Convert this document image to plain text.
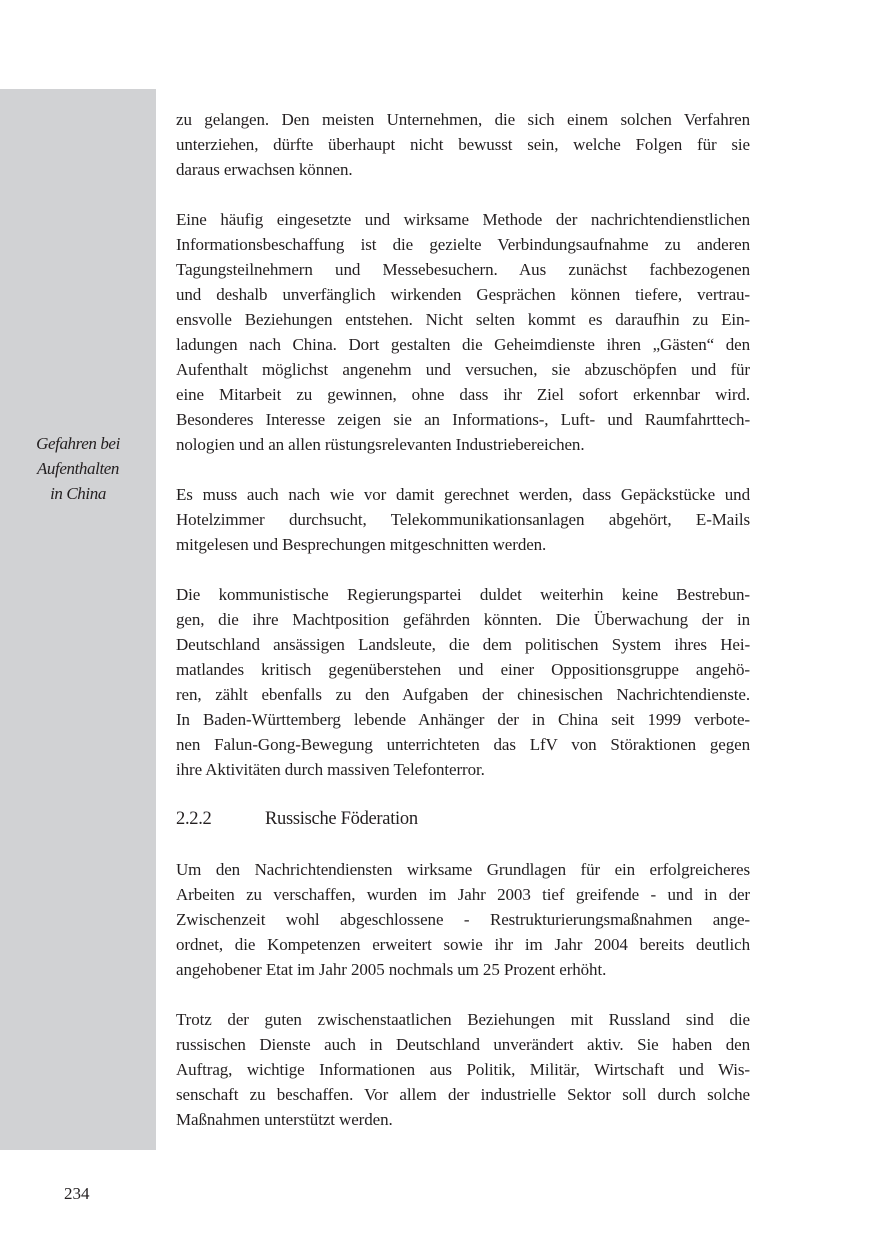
Gefahren bei
Aufenthalten
in China

zu gelangen. Den meisten Unternehmen, die sich einem solchen Verfahren
unterziehen, dürfte überhaupt nicht bewusst sein, welche Folgen für sie
daraus erwachsen können.

Eine häufig eingesetzte und wirksame Methode der nachrichtendienstlichen
Informationsbeschaffung ist die gezielte Verbindungsaufnahme zu anderen
Tagungsteilnehmern und Messebesuchern. Aus zunächst fachbezogenen
und deshalb unverfänglich wirkenden Gesprächen können tiefere, vertrau-
ensvolle Beziehungen entstehen. Nicht selten kommt es daraufhin zu Ein-
ladungen nach China. Dort gestalten die Geheimdienste ihren „Gästen“ den
Aufenthalt möglichst angenehm und versuchen, sie abzuschöpfen und für
eine Mitarbeit zu gewinnen, ohne dass ihr Ziel sofort erkennbar wird.
Besonderes Interesse zeigen sie an Informations-, Luft- und Raumfahrttech-
nologien und an allen rüstungsrelevanten Industriebereichen.

Es muss auch nach wie vor damit gerechnet werden, dass Gepäckstücke und
Hotelzimmer durchsucht, Telekommunikationsanlagen abgehört, E-Mails
mitgelesen und Besprechungen mitgeschnitten werden.

Die kommunistische Regierungspartei duldet weiterhin keine Bestrebun-
gen, die ihre Machtposition gefährden könnten. Die Überwachung der in
Deutschland ansässigen Landsleute, die dem politischen System ihres Hei-
matlandes kritisch gegenüberstehen und einer Oppositionsgruppe angehö-
ren, zählt ebenfalls zu den Aufgaben der chinesischen Nachrichtendienste.
In Baden-Württemberg lebende Anhänger der in China seit 1999 verbote-
nen Falun-Gong-Bewegung unterrichteten das LfV von Störaktionen gegen
ihre Aktivitäten durch massiven Telefonterror.

2.2.2	Russische Föderation

Um den Nachrichtendiensten wirksame Grundlagen für ein erfolgreicheres
Arbeiten zu verschaffen, wurden im Jahr 2003 tief greifende - und in der
Zwischenzeit wohl abgeschlossene - Restrukturierungsmaßnahmen ange-
ordnet, die Kompetenzen erweitert sowie ihr im Jahr 2004 bereits deutlich
angehobener Etat im Jahr 2005 nochmals um 25 Prozent erhöht.

Trotz der guten zwischenstaatlichen Beziehungen mit Russland sind die
russischen Dienste auch in Deutschland unverändert aktiv. Sie haben den
Auftrag, wichtige Informationen aus Politik, Militär, Wirtschaft und Wis-
senschaft zu beschaffen. Vor allem der industrielle Sektor soll durch solche
Maßnahmen unterstützt werden.

234
